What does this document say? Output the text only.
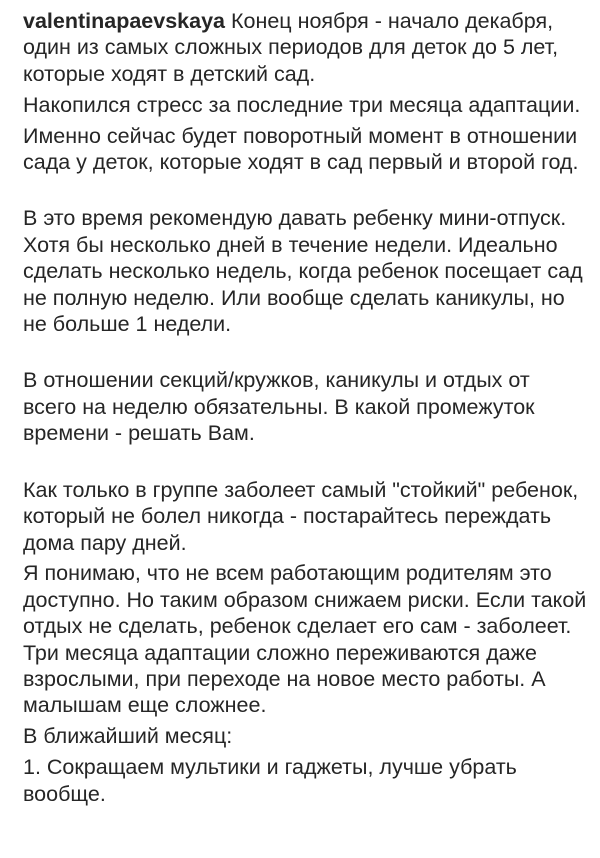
valentinapaevskaya Конец ноября - начало декабря, один из самых сложных периодов для деток до 5 лет, которые ходят в детский сад.

Накопился стресс за последние три месяца адаптации.

Именно сейчас будет поворотный момент в отношении сада у деток, которые ходят в сад первый и второй год.

В это время рекомендую давать ребенку мини-отпуск. Хотя бы несколько дней в течение недели. Идеально сделать несколько недель, когда ребенок посещает сад не полную неделю. Или вообще сделать каникулы, но не больше 1 недели.

В отношении секций/кружков, каникулы и отдых от всего на неделю обязательны. В какой промежуток времени - решать Вам.

Как только в группе заболеет самый "стойкий" ребенок, который не болел никогда - постарайтесь переждать дома пару дней.

Я понимаю, что не всем работающим родителям это доступно. Но таким образом снижаем риски. Если такой отдых не сделать, ребенок сделает его сам - заболеет. Три месяца адаптации сложно переживаются даже взрослыми, при переходе на новое место работы. А малышам еще сложнее.

В ближайший месяц:

1. Сокращаем мультики и гаджеты, лучше убрать вообще.
